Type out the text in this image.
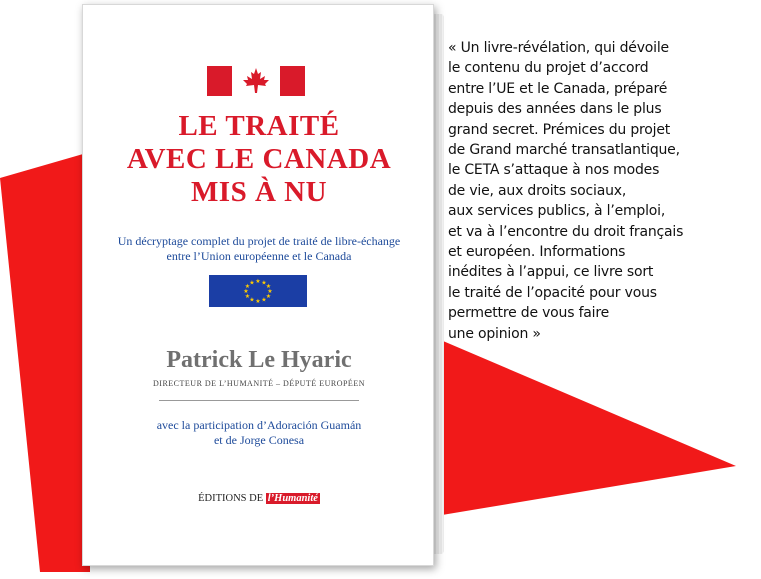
LE TRAITÉ
AVEC LE CANADA
MIS À NU
Un décryptage complet du projet de traité de libre-échange
entre l’Union européenne et le Canada
★ ★ ★
★
★
★
★
★
★
★
★ ★
Patrick Le Hyaric
DIRECTEUR DE L’HUMANITÉ – DÉPUTÉ EUROPÉEN
avec la participation d’Adoración Guamán
et de Jorge Conesa
ÉDITIONS DE l’Humanité
« Un livre-révélation, qui dévoile
le contenu du projet d’accord
entre l’UE et le Canada, préparé
depuis des années dans le plus
grand secret. Prémices du projet
de Grand marché transatlantique,
le CETA s’attaque à nos modes
de vie, aux droits sociaux,
aux services publics, à l’emploi,
et va à l’encontre du droit français
et européen. Informations
inédites à l’appui, ce livre sort
le traité de l’opacité pour vous
permettre de vous faire
une opinion »
